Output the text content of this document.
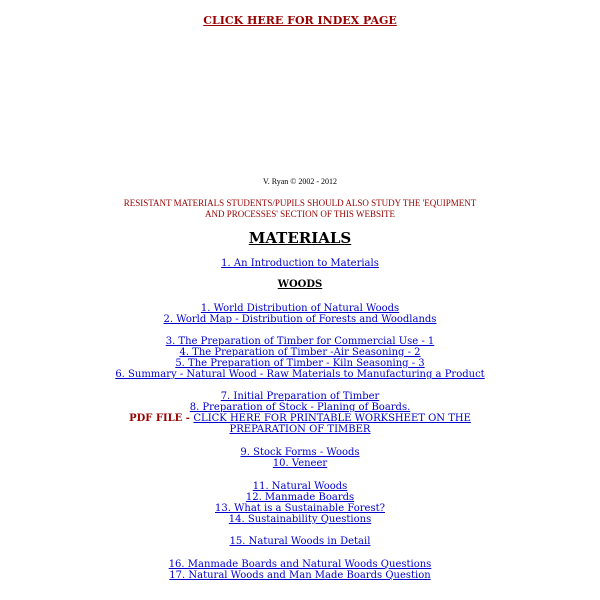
CLICK HERE FOR INDEX PAGE
V. Ryan © 2002 - 2012
RESISTANT MATERIALS STUDENTS/PUPILS SHOULD ALSO STUDY THE 'EQUIPMENT
AND PROCESSES' SECTION OF THIS WEBSITE
MATERIALS
1. An Introduction to Materials
WOODS
1. World Distribution of Natural Woods
2. World Map - Distribution of Forests and Woodlands
3. The Preparation of Timber for Commercial Use - 1
4. The Preparation of Timber -Air Seasoning - 2
5. The Preparation of Timber - Kiln Seasoning - 3
6. Summary - Natural Wood - Raw Materials to Manufacturing a Product
7. Initial Preparation of Timber
8. Preparation of Stock - Planing of Boards.
PDF FILE - CLICK HERE FOR PRINTABLE WORKSHEET ON THE
PREPARATION OF TIMBER
9. Stock Forms - Woods
10. Veneer
11. Natural Woods
12. Manmade Boards
13. What is a Sustainable Forest?
14. Sustainability Questions
15. Natural Woods in Detail
16. Manmade Boards and Natural Woods Questions
17. Natural Woods and Man Made Boards Question
